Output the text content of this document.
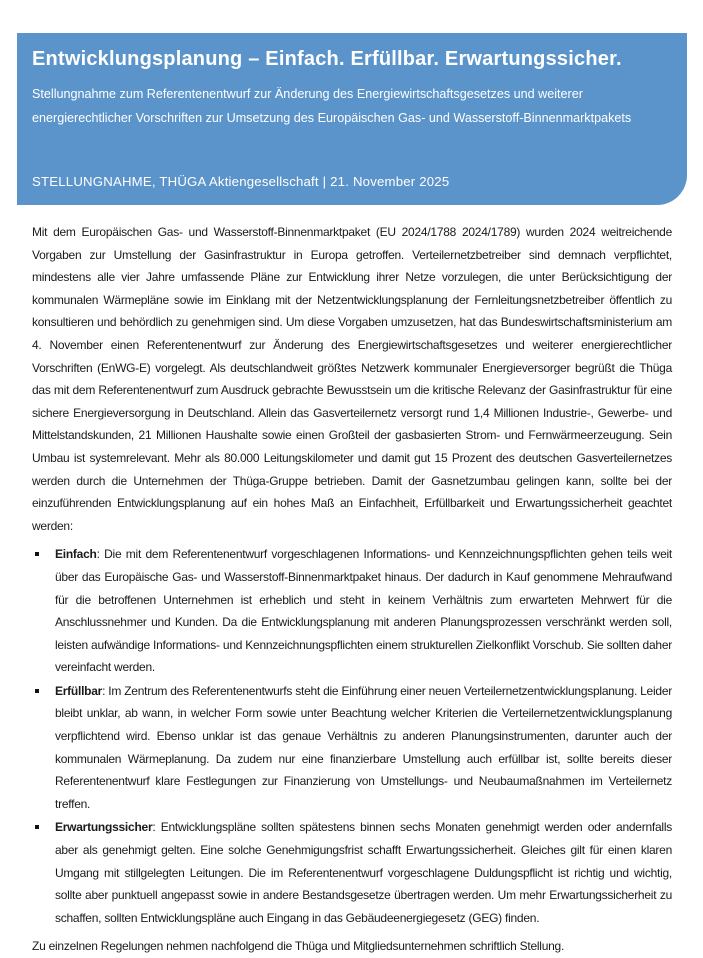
Entwicklungsplanung – Einfach. Erfüllbar. Erwartungssicher.

Stellungnahme zum Referentenentwurf zur Änderung des Energiewirtschaftsgesetzes und weiterer energierechtlicher Vorschriften zur Umsetzung des Europäischen Gas- und Wasserstoff-Binnenmarktpakets

STELLUNGNAHME, THÜGA Aktiengesellschaft | 21. November 2025

Mit dem Europäischen Gas- und Wasserstoff-Binnenmarktpaket (EU 2024/1788 2024/1789) wurden 2024 weitreichende Vorgaben zur Umstellung der Gasinfrastruktur in Europa getroffen. Verteilernetzbetreiber sind demnach verpflichtet, mindestens alle vier Jahre umfassende Pläne zur Entwicklung ihrer Netze vorzulegen, die unter Berücksichtigung der kommunalen Wärmepläne sowie im Einklang mit der Netzentwicklungsplanung der Fernleitungsnetzbetreiber öffentlich zu konsultieren und behördlich zu genehmigen sind. Um diese Vorgaben umzusetzen, hat das Bundeswirtschaftsministerium am 4. November einen Referentenentwurf zur Änderung des Energiewirtschaftsgesetzes und weiterer energierechtlicher Vorschriften (EnWG-E) vorgelegt. Als deutschlandweit größtes Netzwerk kommunaler Energieversorger begrüßt die Thüga das mit dem Referentenentwurf zum Ausdruck gebrachte Bewusstsein um die kritische Relevanz der Gasinfrastruktur für eine sichere Energieversorgung in Deutschland. Allein das Gasverteilernetz versorgt rund 1,4 Millionen Industrie-, Gewerbe- und Mittelstandskunden, 21 Millionen Haushalte sowie einen Großteil der gasbasierten Strom- und Fernwärmeerzeugung. Sein Umbau ist systemrelevant. Mehr als 80.000 Leitungskilometer und damit gut 15 Prozent des deutschen Gasverteilernetzes werden durch die Unternehmen der Thüga-Gruppe betrieben. Damit der Gasnetzumbau gelingen kann, sollte bei der einzuführenden Entwicklungsplanung auf ein hohes Maß an Einfachheit, Erfüllbarkeit und Erwartungssicherheit geachtet werden:

Einfach: Die mit dem Referentenentwurf vorgeschlagenen Informations- und Kennzeichnungspflichten gehen teils weit über das Europäische Gas- und Wasserstoff-Binnenmarktpaket hinaus. Der dadurch in Kauf genommene Mehraufwand für die betroffenen Unternehmen ist erheblich und steht in keinem Verhältnis zum erwarteten Mehrwert für die Anschlussnehmer und Kunden. Da die Entwicklungsplanung mit anderen Planungsprozessen verschränkt werden soll, leisten aufwändige Informations- und Kennzeichnungspflichten einem strukturellen Zielkonflikt Vorschub. Sie sollten daher vereinfacht werden.
Erfüllbar: Im Zentrum des Referentenentwurfs steht die Einführung einer neuen Verteilernetzentwicklungsplanung. Leider bleibt unklar, ab wann, in welcher Form sowie unter Beachtung welcher Kriterien die Verteilernetzentwicklungsplanung verpflichtend wird. Ebenso unklar ist das genaue Verhältnis zu anderen Planungsinstrumenten, darunter auch der kommunalen Wärmeplanung. Da zudem nur eine finanzierbare Umstellung auch erfüllbar ist, sollte bereits dieser Referentenentwurf klare Festlegungen zur Finanzierung von Umstellungs- und Neubaumaßnahmen im Verteilernetz treffen.
Erwartungssicher: Entwicklungspläne sollten spätestens binnen sechs Monaten genehmigt werden oder andernfalls aber als genehmigt gelten. Eine solche Genehmigungsfrist schafft Erwartungssicherheit. Gleiches gilt für einen klaren Umgang mit stillgelegten Leitungen. Die im Referentenentwurf vorgeschlagene Duldungspflicht ist richtig und wichtig, sollte aber punktuell angepasst sowie in andere Bestandsgesetze übertragen werden. Um mehr Erwartungssicherheit zu schaffen, sollten Entwicklungspläne auch Eingang in das Gebäudeenergiegesetz (GEG) finden.

Zu einzelnen Regelungen nehmen nachfolgend die Thüga und Mitgliedsunternehmen schriftlich Stellung.
